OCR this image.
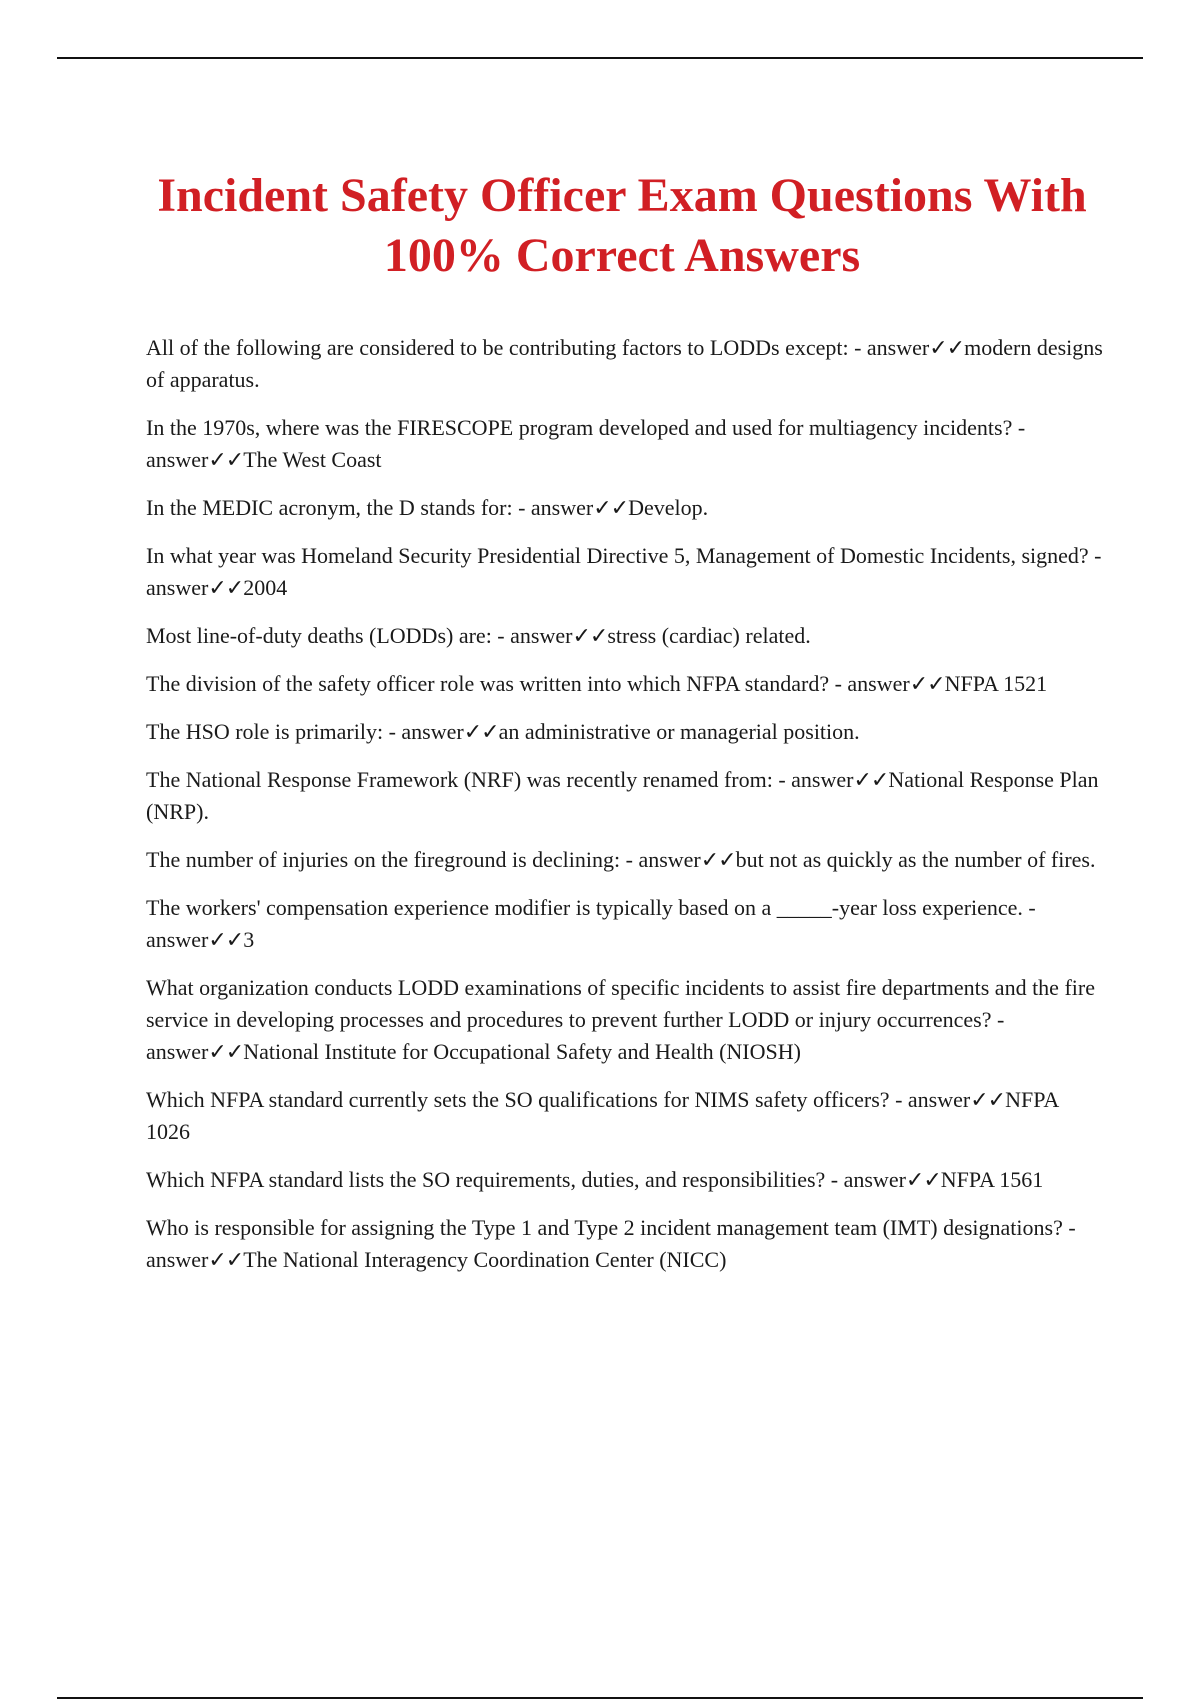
Incident Safety Officer Exam Questions With 100% Correct Answers
All of the following are considered to be contributing factors to LODDs except: - answer✓✓modern designs of apparatus.
In the 1970s, where was the FIRESCOPE program developed and used for multiagency incidents? - answer✓✓The West Coast
In the MEDIC acronym, the D stands for: - answer✓✓Develop.
In what year was Homeland Security Presidential Directive 5, Management of Domestic Incidents, signed? - answer✓✓2004
Most line-of-duty deaths (LODDs) are: - answer✓✓stress (cardiac) related.
The division of the safety officer role was written into which NFPA standard? - answer✓✓NFPA 1521
The HSO role is primarily: - answer✓✓an administrative or managerial position.
The National Response Framework (NRF) was recently renamed from: - answer✓✓National Response Plan (NRP).
The number of injuries on the fireground is declining: - answer✓✓but not as quickly as the number of fires.
The workers' compensation experience modifier is typically based on a _____-year loss experience. - answer✓✓3
What organization conducts LODD examinations of specific incidents to assist fire departments and the fire service in developing processes and procedures to prevent further LODD or injury occurrences? - answer✓✓National Institute for Occupational Safety and Health (NIOSH)
Which NFPA standard currently sets the SO qualifications for NIMS safety officers? - answer✓✓NFPA 1026
Which NFPA standard lists the SO requirements, duties, and responsibilities? - answer✓✓NFPA 1561
Who is responsible for assigning the Type 1 and Type 2 incident management team (IMT) designations? - answer✓✓The National Interagency Coordination Center (NICC)
